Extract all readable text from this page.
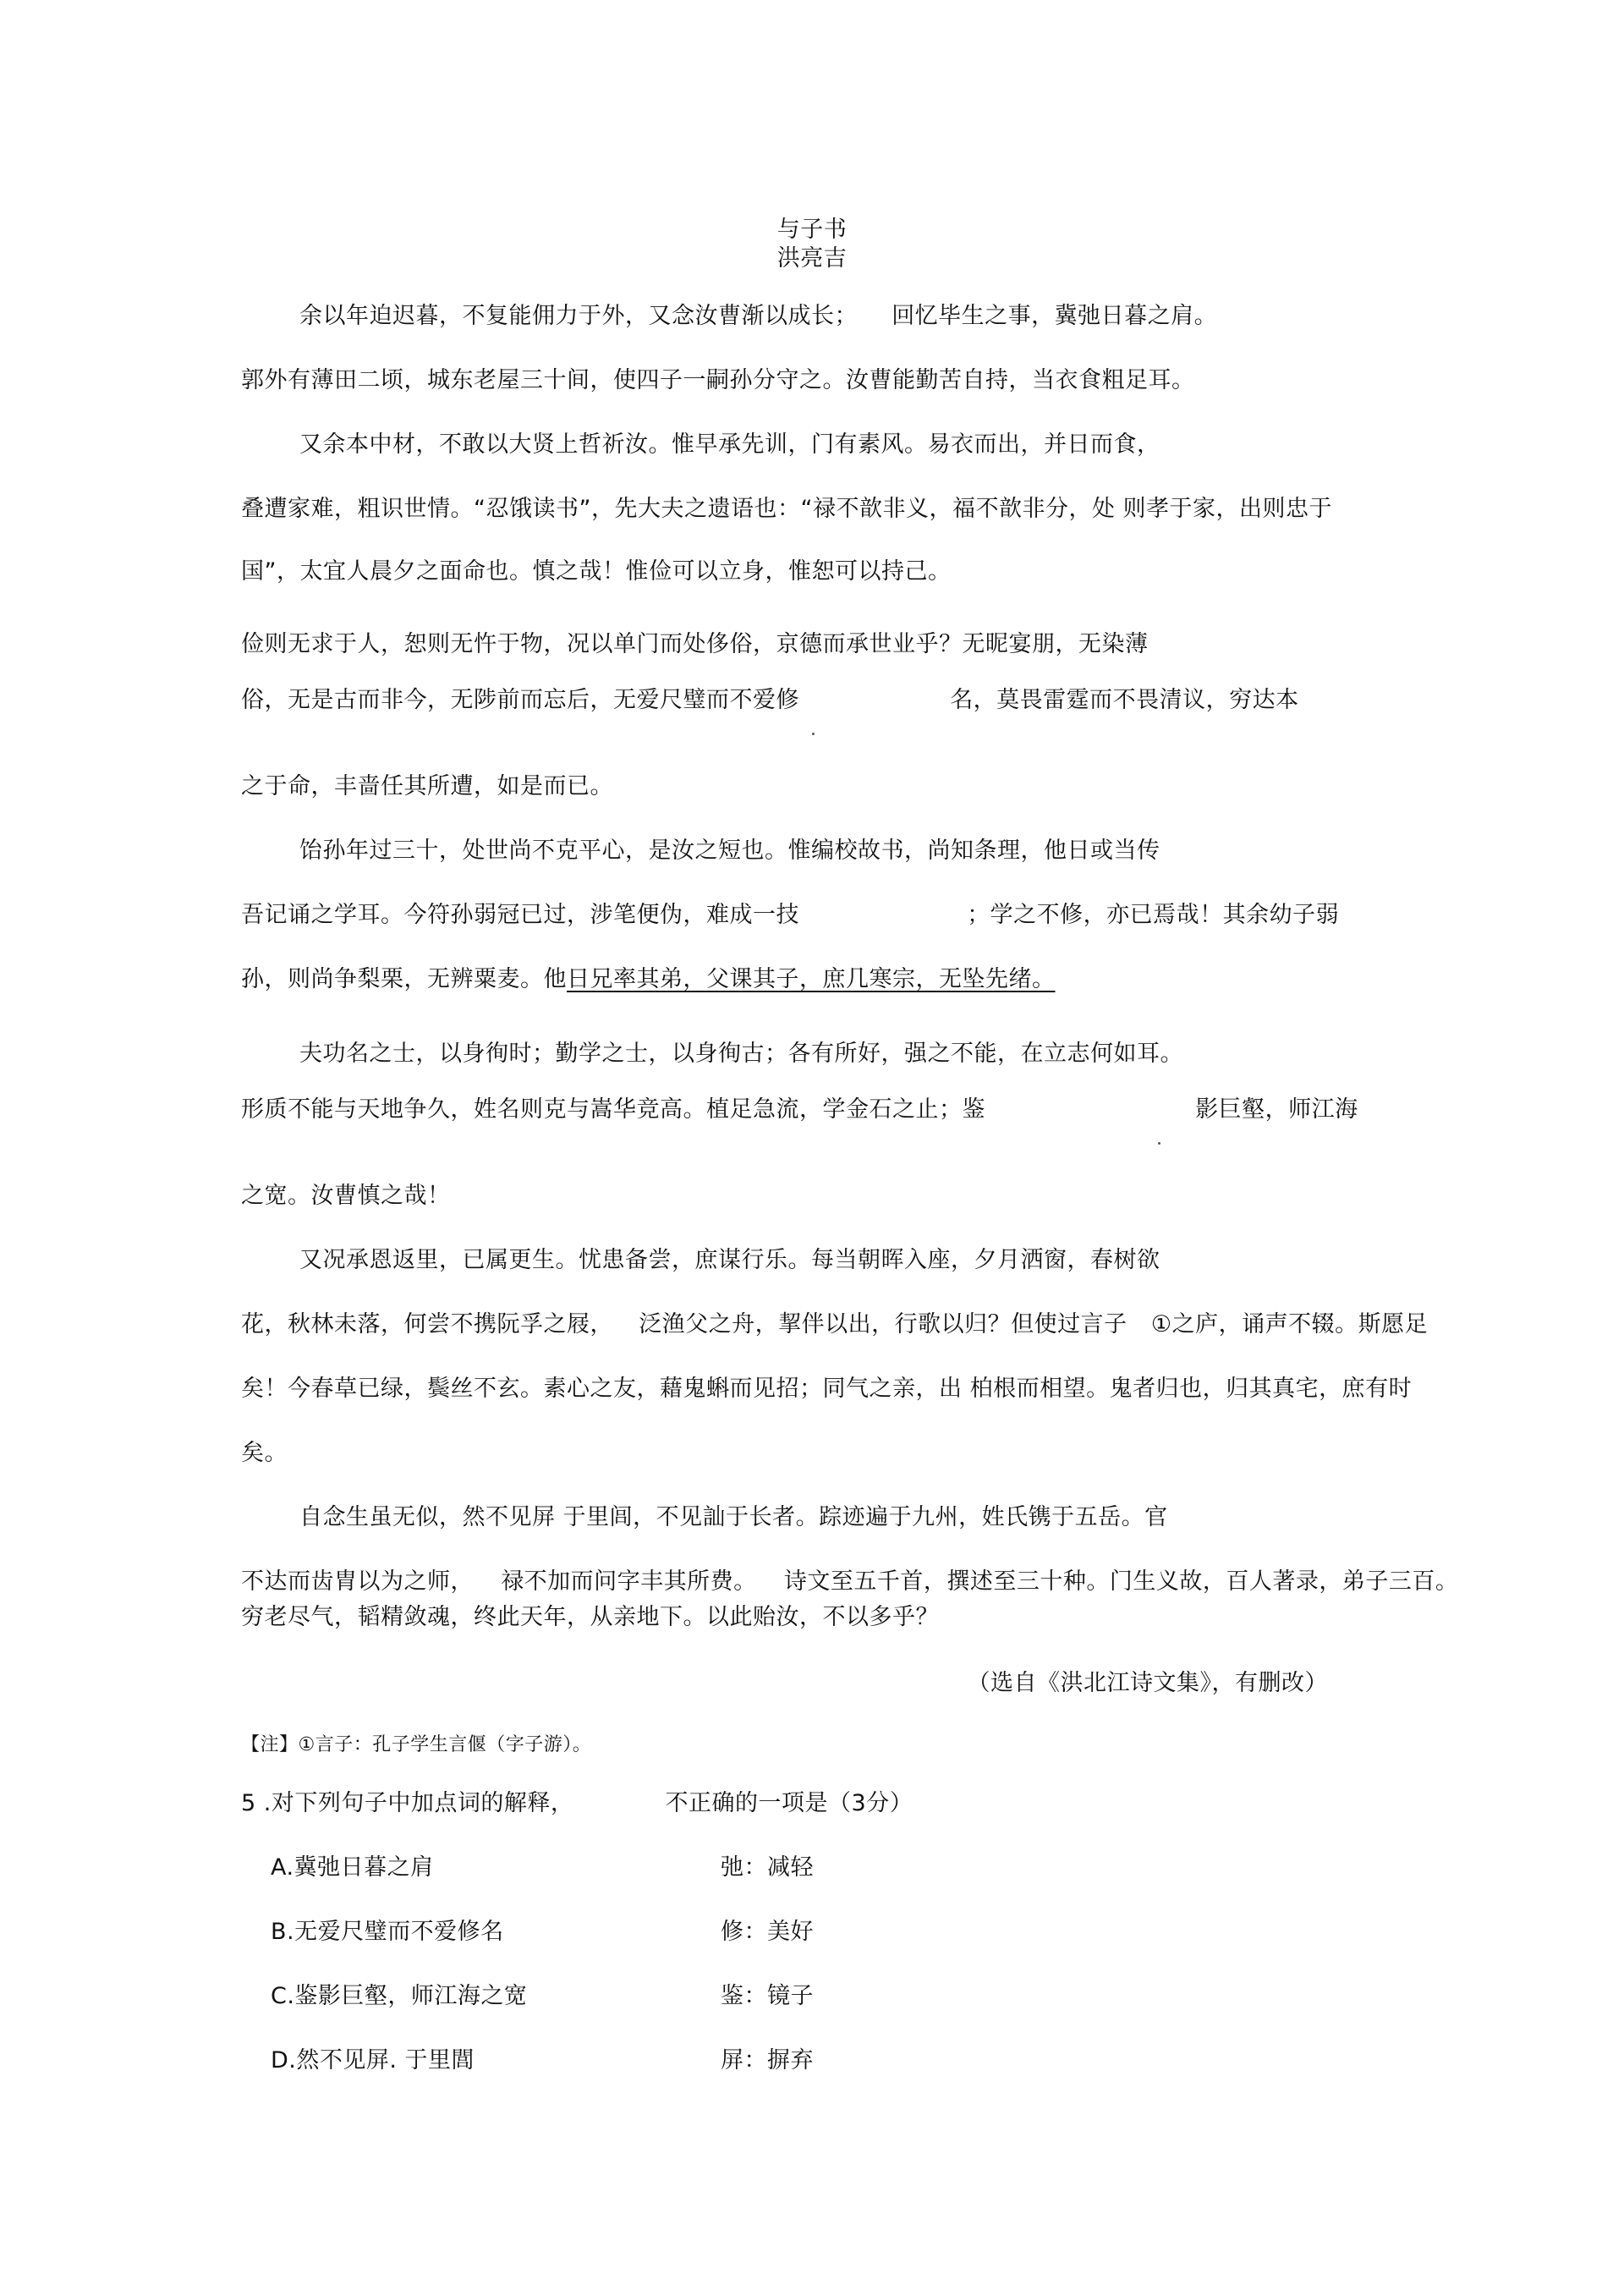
与子书
洪亮吉
余以年迫迟暮，不复能佣力于外，又念汝曹渐以成长； 回忆毕生之事，冀弛日暮之肩。
郭外有薄田二顷，城东老屋三十间，使四子一嗣孙分守之。汝曹能勤苦自持，当衣食粗足耳。
又余本中材，不敢以大贤上哲祈汝。惟早承先训，门有素风。易衣而出，并日而食，
叠遭家难，粗识世情。“忍饿读书”，先大夫之遗语也：“禄不歆非义，福不歆非分，处 则孝于家，出则忠于
国”，太宜人晨夕之面命也。慎之哉！惟俭可以立身，惟恕可以持己。
俭则无求于人，恕则无忤于物，况以单门而处侈俗，京德而承世业乎？无昵宴朋，无染薄
俗，无是古而非今，无陟前而忘后，无爱尺璧而不爱修	名，莫畏雷霆而不畏清议，穷达本
之于命，丰啬任其所遭，如是而已。
饴孙年过三十，处世尚不克平心，是汝之短也。惟编校故书，尚知条理，他日或当传
吾记诵之学耳。今符孙弱冠已过，涉笔便伪，难成一技	；学之不修，亦已焉哉！其余幼子弱
孙，则尚争梨栗，无辨粟麦。他日兄率其弟，父课其子，庶几寒宗，无坠先绪。
夫功名之士，以身徇时；勤学之士，以身徇古；各有所好，强之不能，在立志何如耳。
形质不能与天地争久，姓名则克与嵩华竞高。植足急流，学金石之止；鉴	影巨壑，师江海
之宽。汝曹慎之哉！
又况承恩返里，已属更生。忧患备尝，庶谋行乐。每当朝晖入座，夕月洒窗，春树欲
花，秋林未落，何尝不携阮孚之屐， 泛渔父之舟，挈伴以出，行歌以归？但使过言子 ①之庐，诵声不辍。斯愿足
矣！今春草已绿，鬓丝不玄。素心之友，藉鬼蝌而见招；同气之亲，出 柏根而相望。鬼者归也，归其真宅，庶有时
矣。
自念生虽无似，然不见屏 于里闾，不见訕于长者。踪迹遍于九州，姓氏镌于五岳。官
不达而齿胄以为之师， 禄不加而问字丰其所费。 诗文至五千首，撰述至三十种。门生义故，百人著录，弟子三百。
穷老尽气，韬精敛魂，终此天年，从亲地下。以此贻汝，不以多乎？
（选自《洪北江诗文集》，有删改）
【注】①言子：孔子学生言偃（字子游）。
5 .对下列句子中加点词的解释，	不正确的一项是（3分）
A.冀弛日暮之肩	弛：减轻
B.无爱尺璧而不爱修名	修：美好
C.鉴影巨壑，师江海之宽	鉴：镜子
D.然不见屏. 于里閭	屏：摒弃
